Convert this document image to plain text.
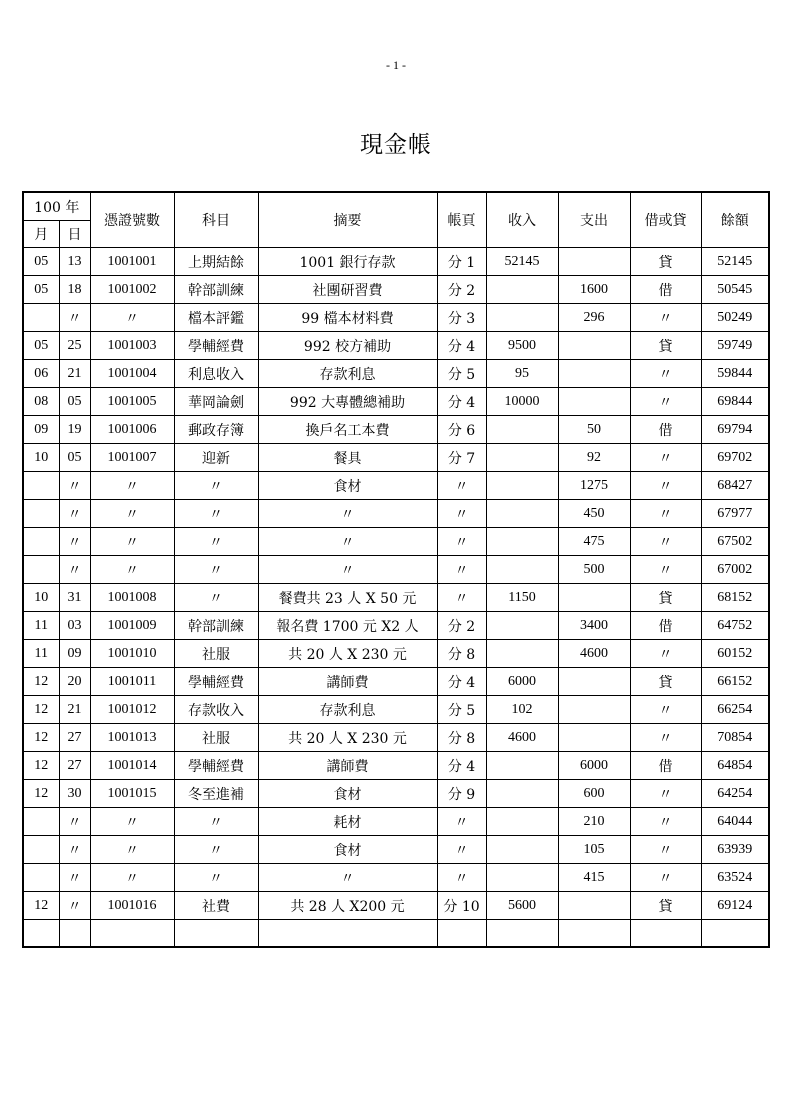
- 1 -
現金帳
100 年		憑證號數	科目	摘要	帳頁	收入	支出	借或貸	餘額
月	日								
05	13	1001001	上期結餘	1001 銀行存款	分 1	52145		貸	52145
05	18	1001002	幹部訓練	社團研習費	分 2		1600	借	50545
	〃	〃	檔本評鑑	99 檔本材料費	分 3		296	〃	50249
05	25	1001003	學輔經費	992 校方補助	分 4	9500		貸	59749
06	21	1001004	利息收入	存款利息	分 5	95		〃	59844
08	05	1001005	華岡論劍	992 大專體總補助	分 4	10000		〃	69844
09	19	1001006	郵政存簿	換戶名工本費	分 6		50	借	69794
10	05	1001007	迎新	餐具	分 7		92	〃	69702
	〃	〃	〃	食材	〃		1275	〃	68427
	〃	〃	〃	〃	〃		450	〃	67977
	〃	〃	〃	〃	〃		475	〃	67502
	〃	〃	〃	〃	〃		500	〃	67002
10	31	1001008	〃	餐費共 23 人 X 50 元	〃	1150		貸	68152
11	03	1001009	幹部訓練	報名費 1700 元 X2 人	分 2		3400	借	64752
11	09	1001010	社服	共 20 人 X 230 元	分 8		4600	〃	60152
12	20	1001011	學輔經費	講師費	分 4	6000		貸	66152
12	21	1001012	存款收入	存款利息	分 5	102		〃	66254
12	27	1001013	社服	共 20 人 X 230 元	分 8	4600		〃	70854
12	27	1001014	學輔經費	講師費	分 4		6000	借	64854
12	30	1001015	冬至進補	食材	分 9		600	〃	64254
	〃	〃	〃	耗材	〃		210	〃	64044
	〃	〃	〃	食材	〃		105	〃	63939
	〃	〃	〃	〃	〃		415	〃	63524
12	〃	1001016	社費	共 28 人 X200 元	分 10	5600		貸	69124
